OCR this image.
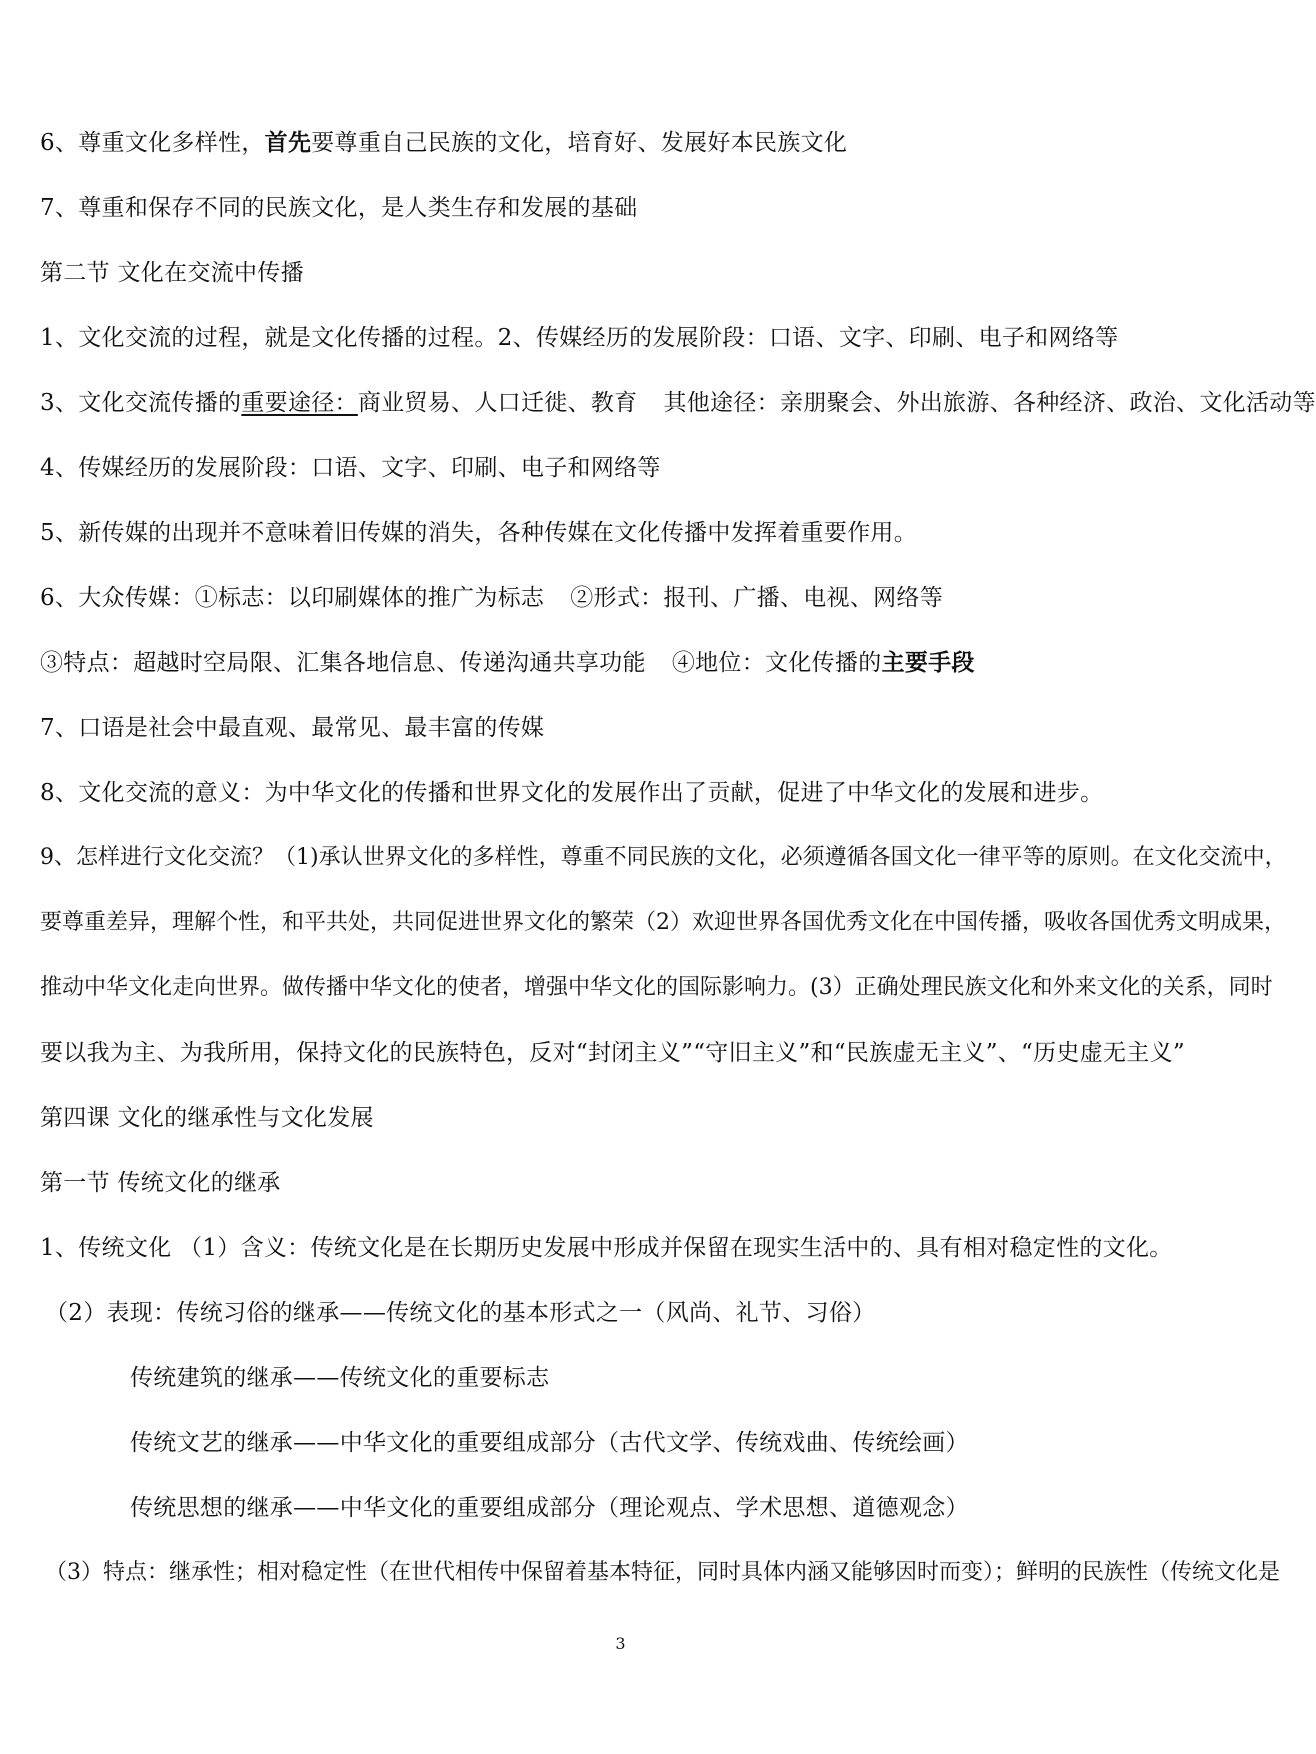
6、尊重文化多样性，首先要尊重自己民族的文化，培育好、发展好本民族文化
7、尊重和保存不同的民族文化，是人类生存和发展的基础
第二节 文化在交流中传播
1、文化交流的过程，就是文化传播的过程。2、传媒经历的发展阶段：口语、文字、印刷、电子和网络等
3、文化交流传播的重要途径：商业贸易、人口迁徙、教育 其他途径：亲朋聚会、外出旅游、各种经济、政治、文化活动等
4、传媒经历的发展阶段：口语、文字、印刷、电子和网络等
5、新传媒的出现并不意味着旧传媒的消失，各种传媒在文化传播中发挥着重要作用。
6、大众传媒：①标志：以印刷媒体的推广为标志 ②形式：报刊、广播、电视、网络等
③特点：超越时空局限、汇集各地信息、传递沟通共享功能 ④地位：文化传播的主要手段
7、口语是社会中最直观、最常见、最丰富的传媒
8、文化交流的意义：为中华文化的传播和世界文化的发展作出了贡献，促进了中华文化的发展和进步。
9、怎样进行文化交流？（1)承认世界文化的多样性，尊重不同民族的文化，必须遵循各国文化一律平等的原则。在文化交流中，
要尊重差异，理解个性，和平共处，共同促进世界文化的繁荣（2）欢迎世界各国优秀文化在中国传播，吸收各国优秀文明成果，
推动中华文化走向世界。做传播中华文化的使者，增强中华文化的国际影响力。(3）正确处理民族文化和外来文化的关系，同时
要以我为主、为我所用，保持文化的民族特色，反对“封闭主义”“守旧主义”和“民族虚无主义”、“历史虚无主义”
第四课 文化的继承性与文化发展
第一节 传统文化的继承
1、传统文化 （1）含义：传统文化是在长期历史发展中形成并保留在现实生活中的、具有相对稳定性的文化。
（2）表现：传统习俗的继承——传统文化的基本形式之一（风尚、礼节、习俗）
传统建筑的继承——传统文化的重要标志
传统文艺的继承——中华文化的重要组成部分（古代文学、传统戏曲、传统绘画）
传统思想的继承——中华文化的重要组成部分（理论观点、学术思想、道德观念）
（3）特点：继承性；相对稳定性（在世代相传中保留着基本特征，同时具体内涵又能够因时而变）；鲜明的民族性（传统文化是
3
